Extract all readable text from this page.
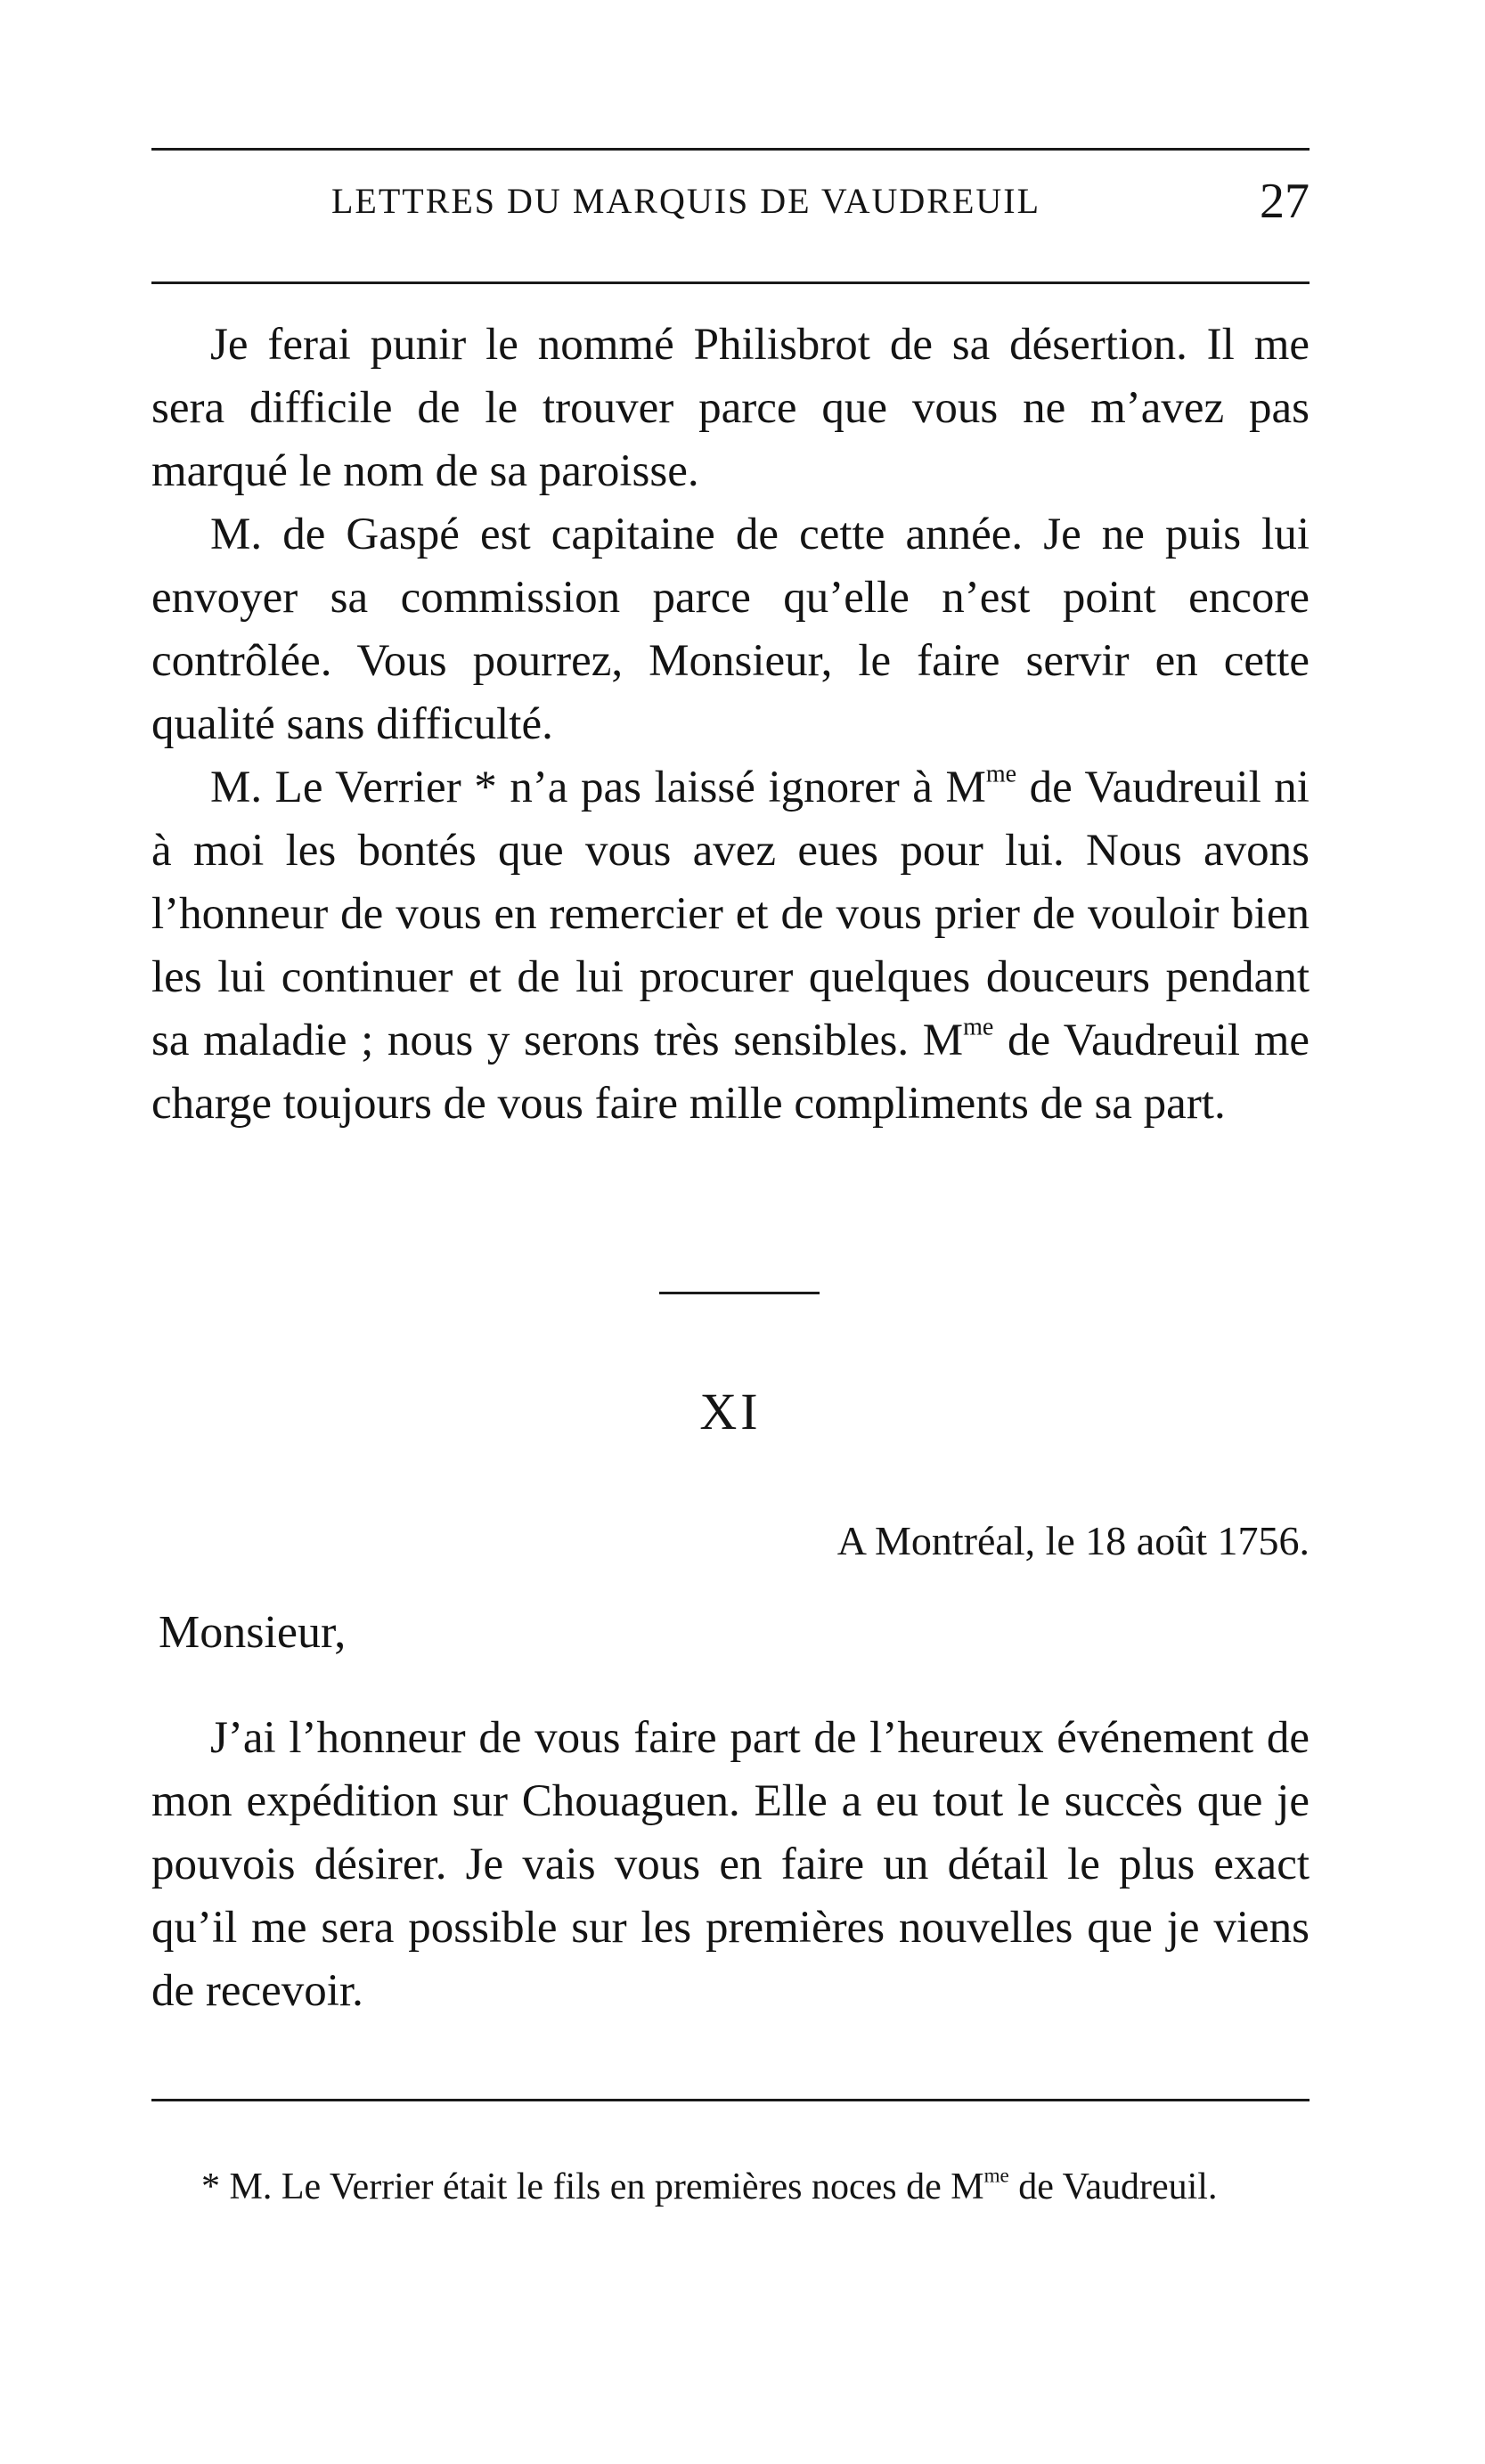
LETTRES DU MARQUIS DE VAUDREUIL	27

Je ferai punir le nommé Philisbrot de sa désertion. Il me sera difficile de le trouver parce que vous ne m’avez pas marqué le nom de sa paroisse.

M. de Gaspé est capitaine de cette année. Je ne puis lui envoyer sa commission parce qu’elle n’est point encore contrôlée. Vous pourrez, Monsieur, le faire servir en cette qualité sans difficulté.

M. Le Verrier * n’a pas laissé ignorer à $M^{me}$ de Vaudreuil ni à moi les bontés que vous avez eues pour lui. Nous avons l’honneur de vous en remercier et de vous prier de vouloir bien les lui continuer et de lui procurer quelques douceurs pendant sa maladie ; nous y serons très sensibles. $M^{me}$ de Vaudreuil me charge toujours de vous faire mille compliments de sa part.

XI
A Montréal, le 18 août 1756.
Monsieur,

J’ai l’honneur de vous faire part de l’heureux événement de mon expédition sur Chouaguen. Elle a eu tout le succès que je pouvois désirer. Je vais vous en faire un détail le plus exact qu’il me sera possible sur les premières nouvelles que je viens de recevoir.

* M. Le Verrier était le fils en premières noces de $M^{me}$ de Vaudreuil.
